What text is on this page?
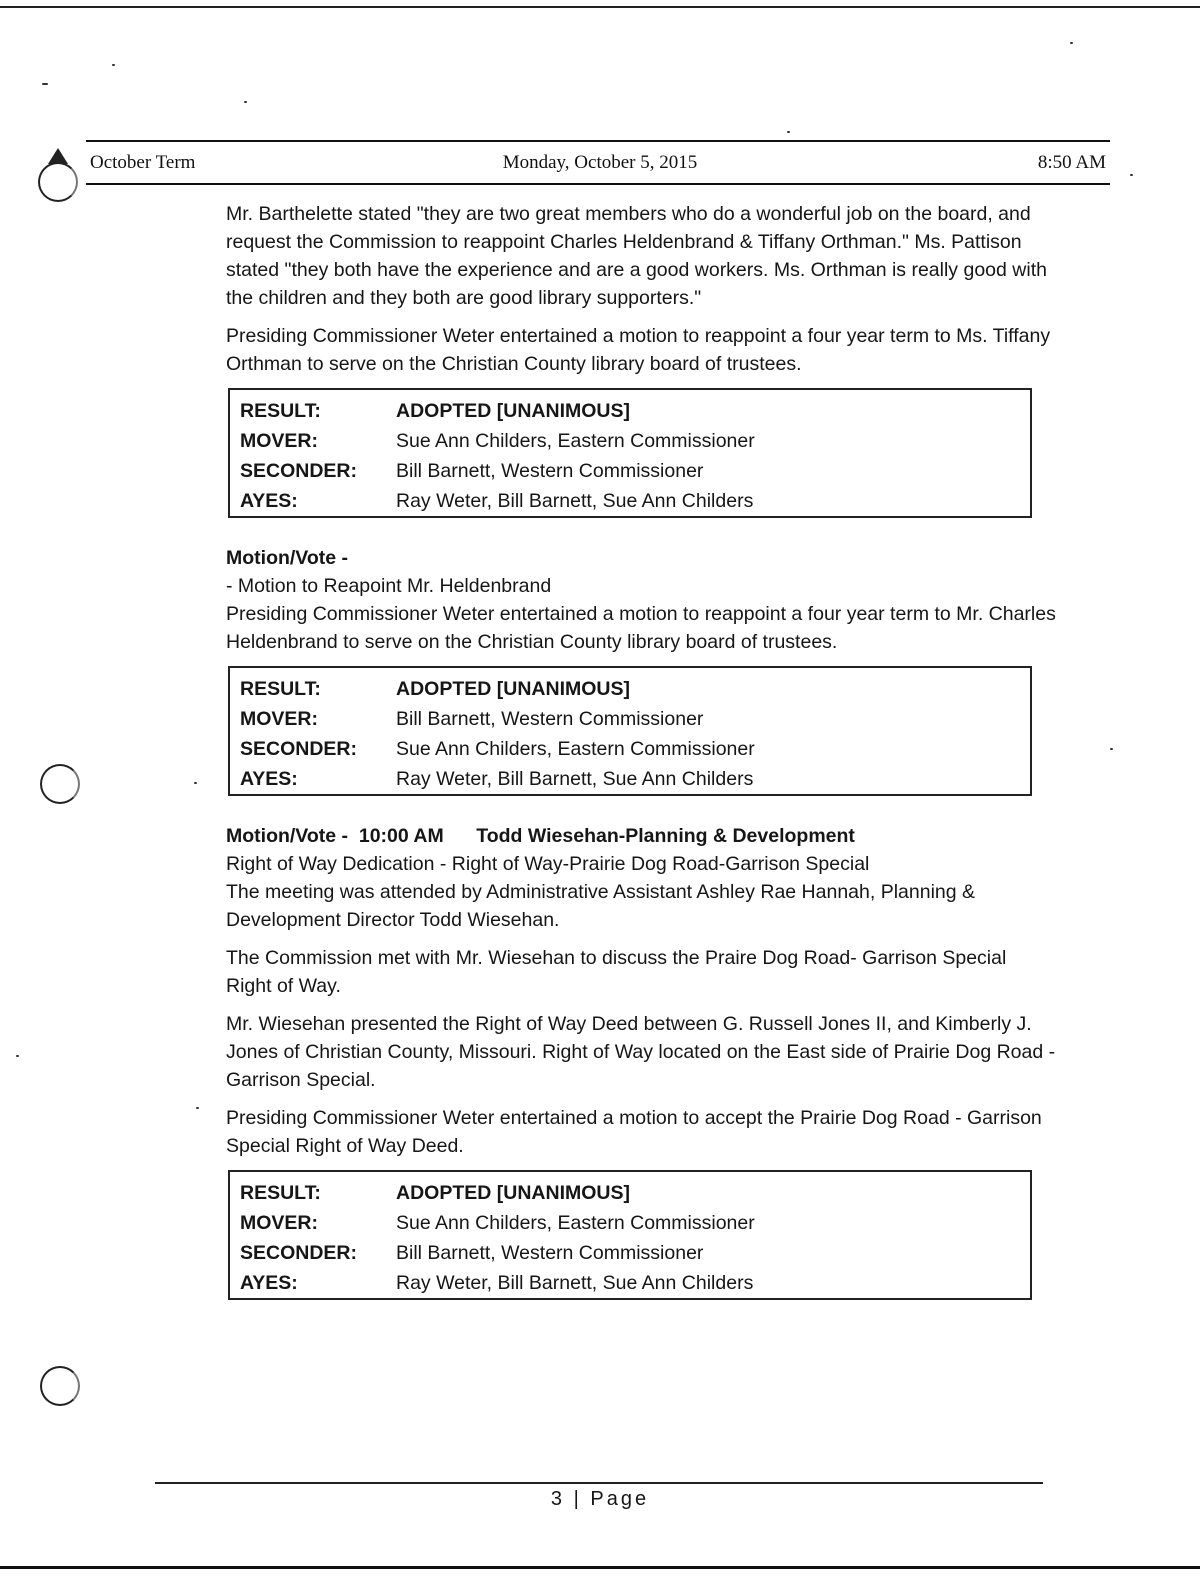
October Term	Monday, October 5, 2015	8:50 AM

Mr. Barthelette stated "they are two great members who do a wonderful job on the board, and request the Commission to reappoint Charles Heldenbrand & Tiffany Orthman." Ms. Pattison stated "they both have the experience and are a good workers. Ms. Orthman is really good with the children and they both are good library supporters."

Presiding Commissioner Weter entertained a motion to reappoint a four year term to Ms. Tiffany Orthman to serve on the Christian County library board of trustees.

RESULT:	ADOPTED [UNANIMOUS]
MOVER:	Sue Ann Childers, Eastern Commissioner
SECONDER:	Bill Barnett, Western Commissioner
AYES:	Ray Weter, Bill Barnett, Sue Ann Childers

Motion/Vote -

- Motion to Reapoint Mr. Heldenbrand

Presiding Commissioner Weter entertained a motion to reappoint a four year term to Mr. Charles Heldenbrand to serve on the Christian County library board of trustees.

RESULT:	ADOPTED [UNANIMOUS]
MOVER:	Bill Barnett, Western Commissioner
SECONDER:	Sue Ann Childers, Eastern Commissioner
AYES:	Ray Weter, Bill Barnett, Sue Ann Childers

Motion/Vote -  10:00 AM      Todd Wiesehan-Planning & Development

Right of Way Dedication - Right of Way-Prairie Dog Road-Garrison Special

The meeting was attended by Administrative Assistant Ashley Rae Hannah, Planning & Development Director Todd Wiesehan.

The Commission met with Mr. Wiesehan to discuss the Praire Dog Road- Garrison Special Right of Way.

Mr. Wiesehan presented the Right of Way Deed between G. Russell Jones II, and Kimberly J. Jones of Christian County, Missouri. Right of Way located on the East side of Prairie Dog Road - Garrison Special.

Presiding Commissioner Weter entertained a motion to accept the Prairie Dog Road - Garrison Special Right of Way Deed.

RESULT:	ADOPTED [UNANIMOUS]
MOVER:	Sue Ann Childers, Eastern Commissioner
SECONDER:	Bill Barnett, Western Commissioner
AYES:	Ray Weter, Bill Barnett, Sue Ann Childers
3 | Page
